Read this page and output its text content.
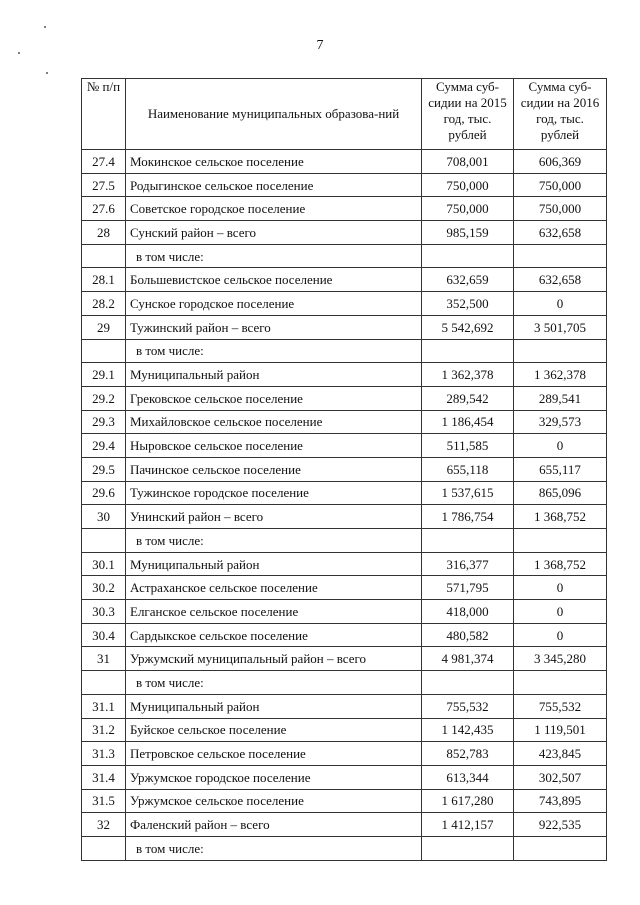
7
№ п/п	Наименование муниципальных образова-ний	Сумма суб-сидии на 2015 год, тыс. рублей	Сумма суб-сидии на 2016 год, тыс. рублей
27.4	Мокинское сельское поселение	708,001	606,369
27.5	Родыгинское сельское поселение	750,000	750,000
27.6	Советское городское поселение	750,000	750,000
28	Сунский район – всего	985,159	632,658
	в том числе:		
28.1	Большевистское сельское поселение	632,659	632,658
28.2	Сунское городское поселение	352,500	0
29	Тужинский район – всего	5 542,692	3 501,705
	в том числе:		
29.1	Муниципальный район	1 362,378	1 362,378
29.2	Грековское сельское поселение	289,542	289,541
29.3	Михайловское сельское поселение	1 186,454	329,573
29.4	Ныровское сельское поселение	511,585	0
29.5	Пачинское сельское поселение	655,118	655,117
29.6	Тужинское городское поселение	1 537,615	865,096
30	Унинский район – всего	1 786,754	1 368,752
	в том числе:		
30.1	Муниципальный район	316,377	1 368,752
30.2	Астраханское сельское поселение	571,795	0
30.3	Елганское сельское поселение	418,000	0
30.4	Сардыкское сельское поселение	480,582	0
31	Уржумский муниципальный район – всего	4 981,374	3 345,280
	в том числе:		
31.1	Муниципальный район	755,532	755,532
31.2	Буйское сельское поселение	1 142,435	1 119,501
31.3	Петровское сельское поселение	852,783	423,845
31.4	Уржумское городское поселение	613,344	302,507
31.5	Уржумское сельское поселение	1 617,280	743,895
32	Фаленский район – всего	1 412,157	922,535
	в том числе:		
